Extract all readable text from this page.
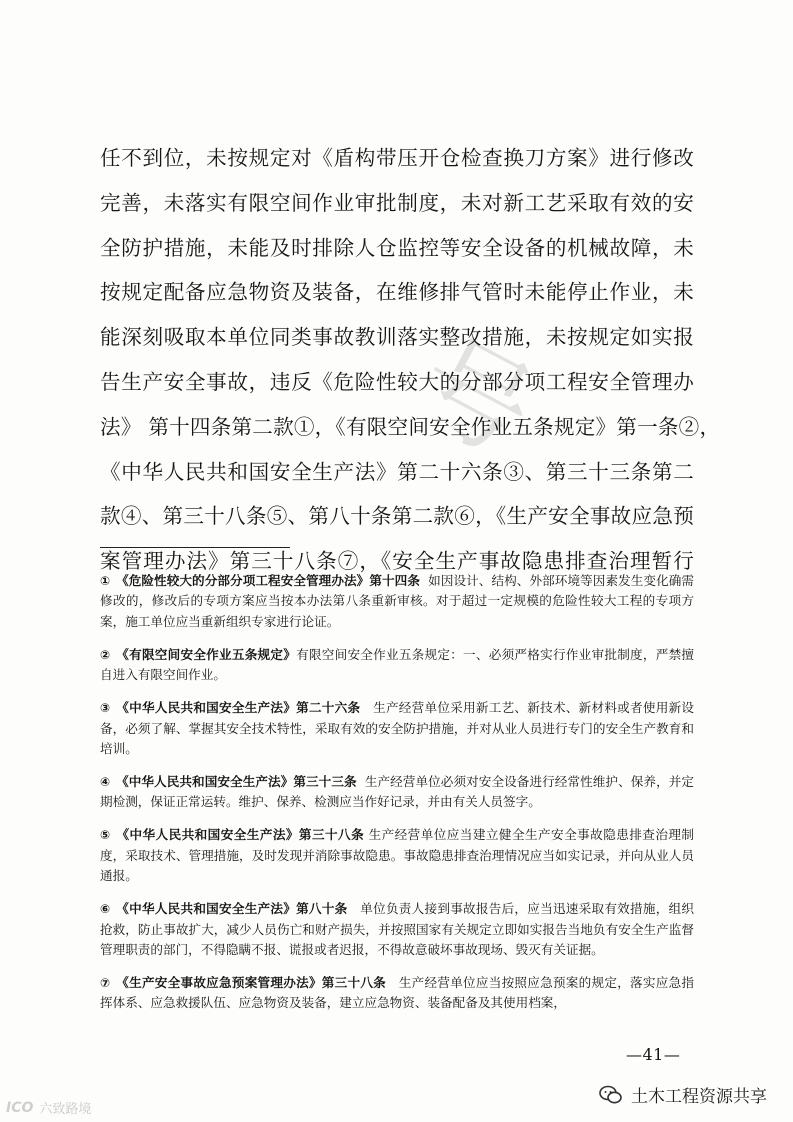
号
任不到位，未按规定对《盾构带压开仓检查换刀方案》进行修改
完善，未落实有限空间作业审批制度，未对新工艺采取有效的安
全防护措施，未能及时排除人仓监控等安全设备的机械故障，未
按规定配备应急物资及装备，在维修排气管时未能停止作业，未
能深刻吸取本单位同类事故教训落实整改措施，未按规定如实报
告生产安全事故，违反《危险性较大的分部分项工程安全管理办
法》 第十四条第二款①，《有限空间安全作业五条规定》第一条②，
《中华人民共和国安全生产法》第二十六条③、第三十三条第二
款④、第三十八条⑤、第八十条第二款⑥，《生产安全事故应急预
案管理办法》第三十八条⑦，《安全生产事故隐患排查治理暂行
① 《危险性较大的分部分项工程安全管理办法》第十四条 如因设计、结构、外部环境等因素发生变化确需修改的，修改后的专项方案应当按本办法第八条重新审核。对于超过一定规模的危险性较大工程的专项方案，施工单位应当重新组织专家进行论证。
② 《有限空间安全作业五条规定》有限空间安全作业五条规定：一、必须严格实行作业审批制度，严禁擅自进入有限空间作业。
③ 《中华人民共和国安全生产法》第二十六条 生产经营单位采用新工艺、新技术、新材料或者使用新设备，必须了解、掌握其安全技术特性，采取有效的安全防护措施，并对从业人员进行专门的安全生产教育和培训。
④ 《中华人民共和国安全生产法》第三十三条 生产经营单位必须对安全设备进行经常性维护、保养，并定期检测，保证正常运转。维护、保养、检测应当作好记录，并由有关人员签字。
⑤ 《中华人民共和国安全生产法》第三十八条 生产经营单位应当建立健全生产安全事故隐患排查治理制度，采取技术、管理措施，及时发现并消除事故隐患。事故隐患排查治理情况应当如实记录，并向从业人员通报。
⑥ 《中华人民共和国安全生产法》第八十条 单位负责人接到事故报告后，应当迅速采取有效措施，组织抢救，防止事故扩大，减少人员伤亡和财产损失，并按照国家有关规定立即如实报告当地负有安全生产监督管理职责的部门，不得隐瞒不报、谎报或者迟报，不得故意破坏事故现场、毁灭有关证据。
⑦ 《生产安全事故应急预案管理办法》第三十八条 生产经营单位应当按照应急预案的规定，落实应急指挥体系、应急救援队伍、应急物资及装备，建立应急物资、装备配备及其使用档案，
—41—
土木工程资源共享
ICO 六致路境
